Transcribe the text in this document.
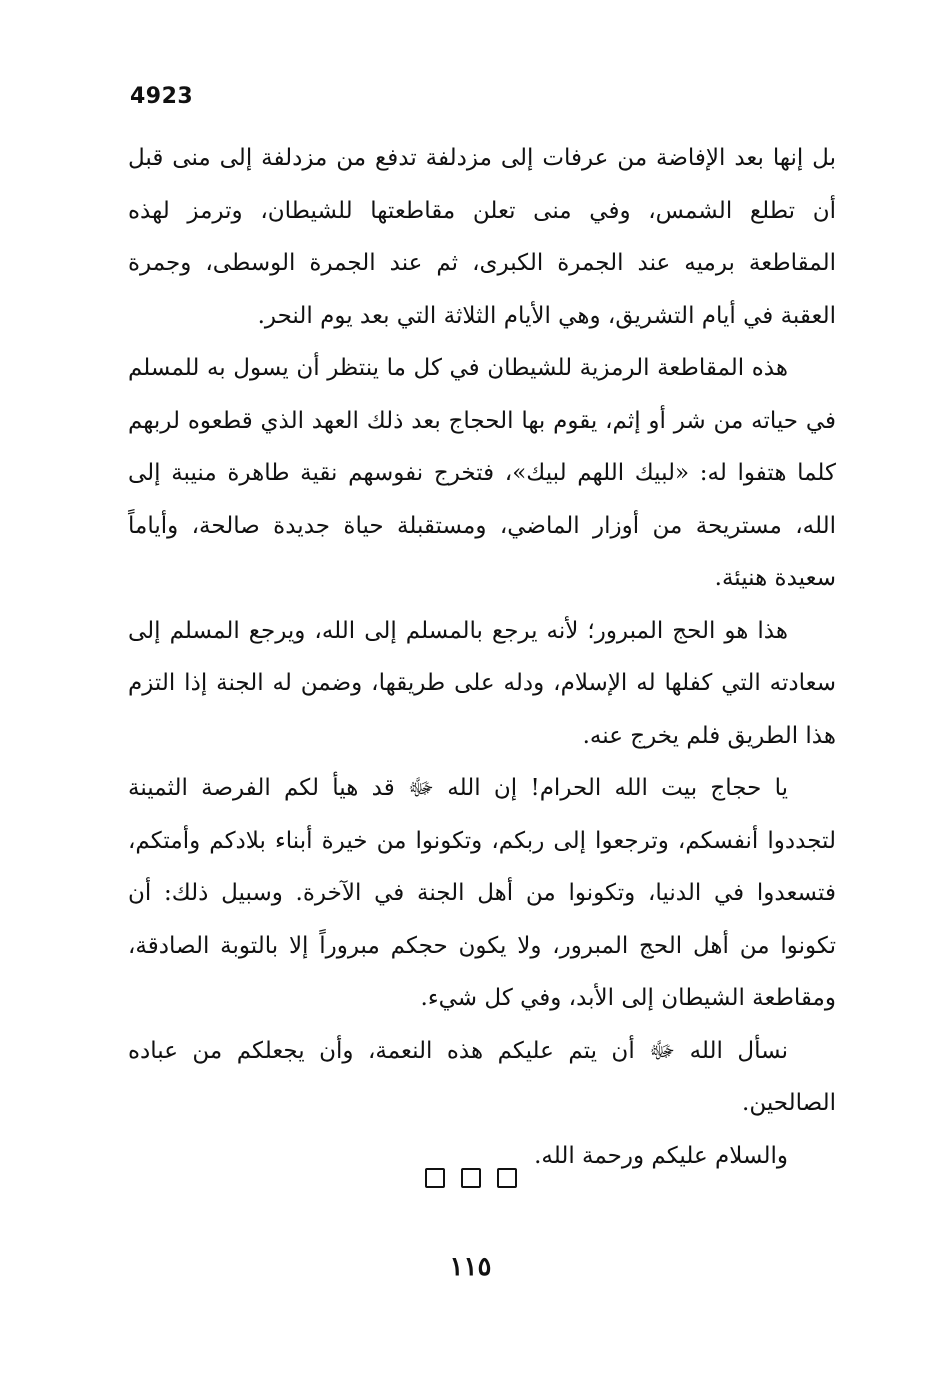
4923

بل إنها بعد الإفاضة من عرفات إلى مزدلفة تدفع من مزدلفة إلى منى قبل أن تطلع الشمس، وفي منى تعلن مقاطعتها للشيطان، وترمز لهذه المقاطعة برميه عند الجمرة الكبرى، ثم عند الجمرة الوسطى، وجمرة العقبة في أيام التشريق، وهي الأيام الثلاثة التي بعد يوم النحر.

هذه المقاطعة الرمزية للشيطان في كل ما ينتظر أن يسول به للمسلم في حياته من شر أو إثم، يقوم بها الحجاج بعد ذلك العهد الذي قطعوه لربهم كلما هتفوا له: «لبيك اللهم لبيك»، فتخرج نفوسهم نقية طاهرة منيبة إلى الله، مستريحة من أوزار الماضي، ومستقبلة حياة جديدة صالحة، وأياماً سعيدة هنيئة.

هذا هو الحج المبرور؛ لأنه يرجع بالمسلم إلى الله، ويرجع المسلم إلى سعادته التي كفلها له الإسلام، ودله على طريقها، وضمن له الجنة إذا التزم هذا الطريق فلم يخرج عنه.

يا حجاج بيت الله الحرام! إن الله ﷻ قد هيأ لكم الفرصة الثمينة لتجددوا أنفسكم، وترجعوا إلى ربكم، وتكونوا من خيرة أبناء بلادكم وأمتكم، فتسعدوا في الدنيا، وتكونوا من أهل الجنة في الآخرة. وسبيل ذلك: أن تكونوا من أهل الحج المبرور، ولا يكون حجكم مبروراً إلا بالتوبة الصادقة، ومقاطعة الشيطان إلى الأبد، وفي كل شيء.

نسأل الله ﷻ أن يتم عليكم هذه النعمة، وأن يجعلكم من عباده الصالحين.

والسلام عليكم ورحمة الله.

١١٥
